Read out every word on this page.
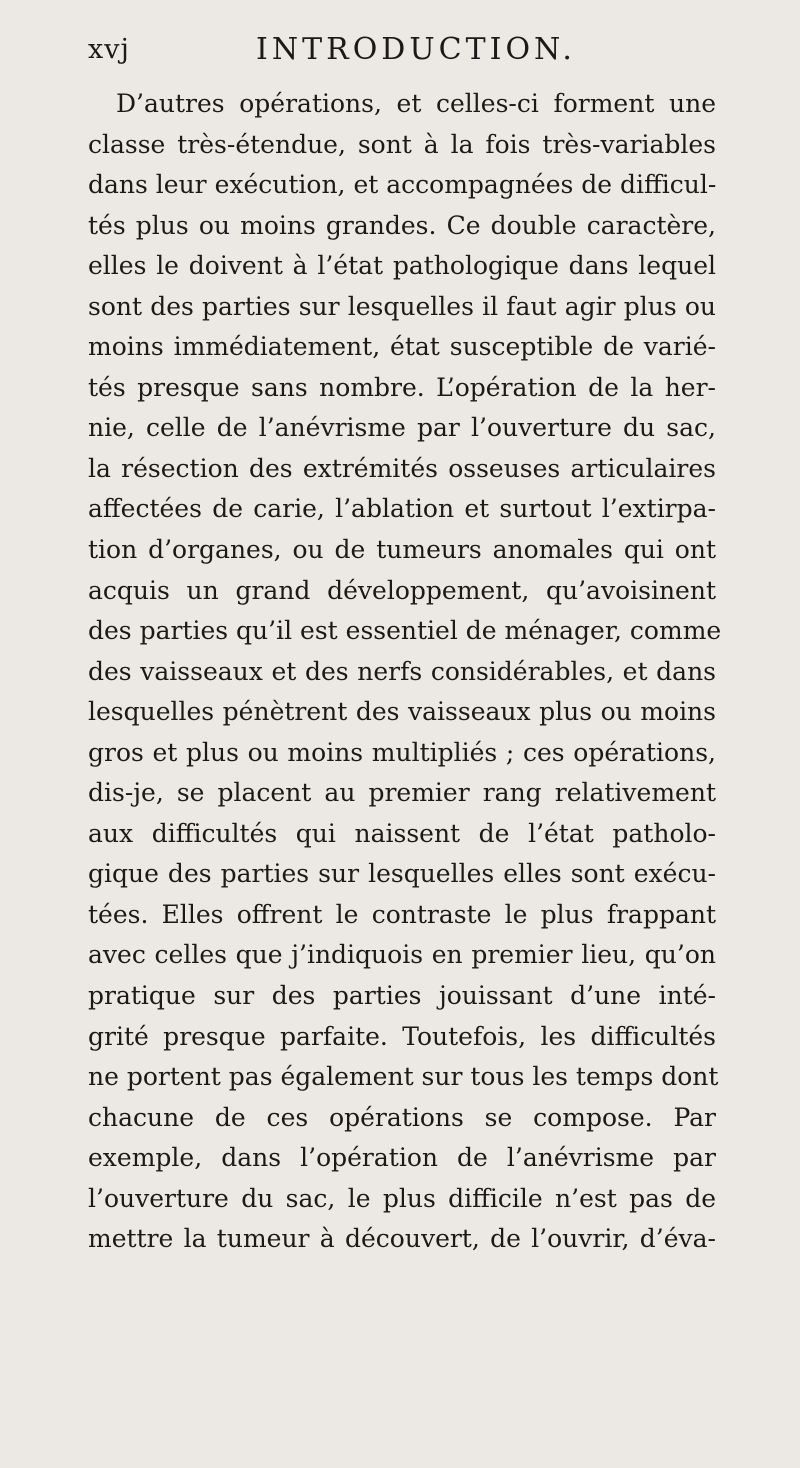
xvj	INTRODUCTION.
D’autres opérations, et celles-ci forment une
classe très-étendue, sont à la fois très-variables
dans leur exécution, et accompagnées de difficul-
tés plus ou moins grandes. Ce double caractère,
elles le doivent à l’état pathologique dans lequel
sont des parties sur lesquelles il faut agir plus ou
moins immédiatement, état susceptible de varié-
tés presque sans nombre. L’opération de la her-
nie, celle de l’anévrisme par l’ouverture du sac,
la résection des extrémités osseuses articulaires
affectées de carie, l’ablation et surtout l’extirpa-
tion d’organes, ou de tumeurs anomales qui ont
acquis un grand développement, qu’avoisinent
des parties qu’il est essentiel de ménager, comme
des vaisseaux et des nerfs considérables, et dans
lesquelles pénètrent des vaisseaux plus ou moins
gros et plus ou moins multipliés ; ces opérations,
dis-je, se placent au premier rang relativement
aux difficultés qui naissent de l’état patholo-
gique des parties sur lesquelles elles sont exécu-
tées. Elles offrent le contraste le plus frappant
avec celles que j’indiquois en premier lieu, qu’on
pratique sur des parties jouissant d’une inté-
grité presque parfaite. Toutefois, les difficultés
ne portent pas également sur tous les temps dont
chacune de ces opérations se compose. Par
exemple, dans l’opération de l’anévrisme par
l’ouverture du sac, le plus difficile n’est pas de
mettre la tumeur à découvert, de l’ouvrir, d’éva-
